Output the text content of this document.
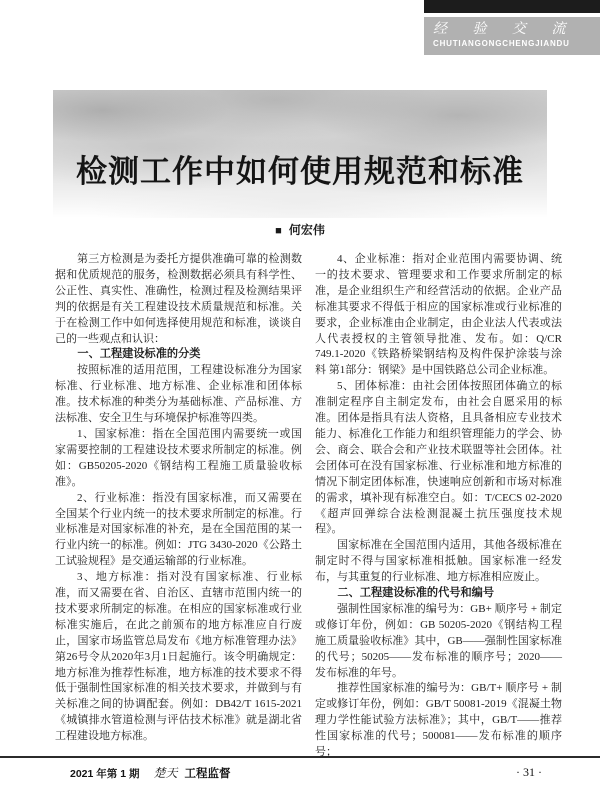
经 验 交 流
CHUTIANGONGCHENGJIANDU
检测工作中如何使用规范和标准
■ 何宏伟

第三方检测是为委托方提供准确可靠的检测数据和优质规范的服务，检测数据必须具有科学性、公正性、真实性、准确性，检测过程及检测结果评判的依据是有关工程建设技术质量规范和标准。关于在检测工作中如何选择使用规范和标准，谈谈自己的一些观点和认识：

一、工程建设标准的分类

按照标准的适用范围，工程建设标准分为国家标准、行业标准、地方标准、企业标准和团体标准。技术标准的种类分为基础标准、产品标准、方法标准、安全卫生与环境保护标准等四类。

1、国家标准：指在全国范围内需要统一或国家需要控制的工程建设技术要求所制定的标准。例如：GB50205-2020《钢结构工程施工质量验收标准》。

2、行业标准：指没有国家标准，而又需要在全国某个行业内统一的技术要求所制定的标准。行业标准是对国家标准的补充，是在全国范围的某一行业内统一的标准。例如：JTG 3430-2020《公路土工试验规程》是交通运输部的行业标准。

3、地方标准：指对没有国家标准、行业标准，而又需要在省、自治区、直辖市范围内统一的技术要求所制定的标准。在相应的国家标准或行业标准实施后，在此之前颁布的地方标准应自行废止，国家市场监管总局发布《地方标准管理办法》第26号令从2020年3月1日起施行。该令明确规定：地方标准为推荐性标准，地方标准的技术要求不得低于强制性国家标准的相关技术要求，并做到与有关标准之间的协调配套。例如：DB42/T 1615-2021《城镇排水管道检测与评估技术标准》就是湖北省工程建设地方标准。

4、企业标准：指对企业范围内需要协调、统一的技术要求、管理要求和工作要求所制定的标准，是企业组织生产和经营活动的依据。企业产品标准其要求不得低于相应的国家标准或行业标准的要求，企业标准由企业制定，由企业法人代表或法人代表授权的主管领导批准、发布。如：Q/CR 749.1-2020《铁路桥梁钢结构及构件保护涂装与涂料 第1部分：钢梁》是中国铁路总公司企业标准。

5、团体标准：由社会团体按照团体确立的标准制定程序自主制定发布，由社会自愿采用的标准。团体是指具有法人资格，且具备相应专业技术能力、标准化工作能力和组织管理能力的学会、协会、商会、联合会和产业技术联盟等社会团体。社会团体可在没有国家标准、行业标准和地方标准的情况下制定团体标准，快速响应创新和市场对标准的需求，填补现有标准空白。如：T/CECS 02-2020《超声回弹综合法检测混凝土抗压强度技术规程》。

国家标准在全国范围内适用，其他各级标准在制定时不得与国家标准相抵触。国家标准一经发布，与其重复的行业标准、地方标准相应废止。

二、工程建设标准的代号和编号

强制性国家标准的编号为：GB+ 顺序号 + 制定或修订年份，例如：GB 50205-2020《钢结构工程施工质量验收标准》其中，GB——强制性国家标准的代号；50205——发布标准的顺序号；2020——发布标准的年号。

推荐性国家标准的编号为：GB/T+ 顺序号 + 制定或修订年份，例如：GB/T 50081-2019《混凝土物理力学性能试验方法标准》；其中，GB/T——推荐性国家标准的代号；500081——发布标准的顺序号；

2021 年第 1 期 楚天 工程监督	· 31 ·
